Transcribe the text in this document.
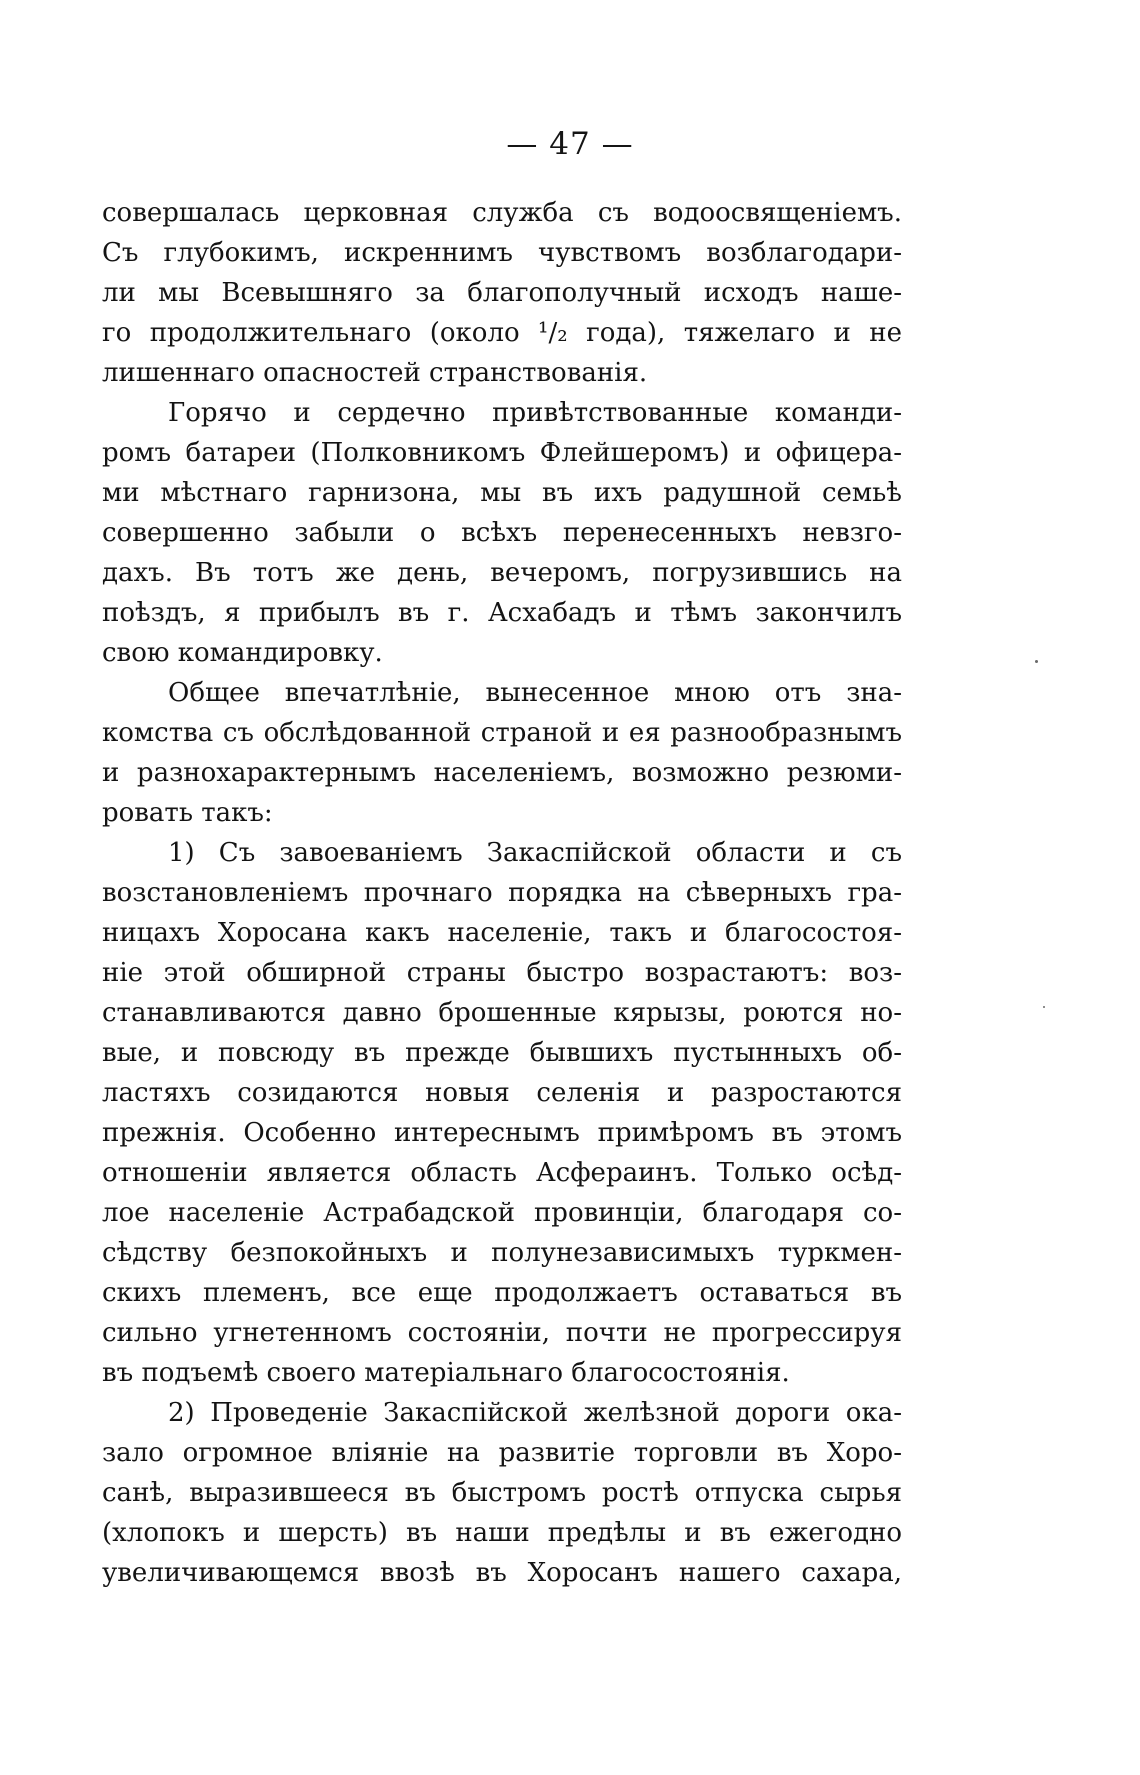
— 47 —
совершалась церковная служба съ водоосвященіемъ.
Съ глубокимъ, искреннимъ чувствомъ возблагодари-
ли мы Всевышняго за благополучный исходъ наше-
го продолжительнаго (около ¹/₂ года), тяжелаго и не
лишеннаго опасностей странствованія.
Горячо и сердечно привѣтствованные команди-
ромъ батареи (Полковникомъ Флейшеромъ) и офицера-
ми мѣстнаго гарнизона, мы въ ихъ радушной семьѣ
совершенно забыли о всѣхъ перенесенныхъ невзго-
дахъ. Въ тотъ же день, вечеромъ, погрузившись на
поѣздъ, я прибылъ въ г. Асхабадъ и тѣмъ закончилъ
свою командировку.
Общее впечатлѣніе, вынесенное мною отъ зна-
комства съ обслѣдованной страной и ея разнообразнымъ
и разнохарактернымъ населеніемъ, возможно резюми-
ровать такъ:
1) Съ завоеваніемъ Закаспійской области и съ
возстановленіемъ прочнаго порядка на сѣверныхъ гра-
ницахъ Хоросана какъ населеніе, такъ и благосостоя-
ніе этой обширной страны быстро возрастаютъ: воз-
станавливаются давно брошенные кярызы, роются но-
вые, и повсюду въ прежде бывшихъ пустынныхъ об-
ластяхъ созидаются новыя селенія и разростаются
прежнія. Особенно интереснымъ примѣромъ въ этомъ
отношеніи является область Асфераинъ. Только осѣд-
лое населеніе Астрабадской провинціи, благодаря со-
сѣдству безпокойныхъ и полунезависимыхъ туркмен-
скихъ племенъ, все еще продолжаетъ оставаться въ
сильно угнетенномъ состояніи, почти не прогрессируя
въ подъемѣ своего матеріальнаго благосостоянія.
2) Проведеніе Закаспійской желѣзной дороги ока-
зало огромное вліяніе на развитіе торговли въ Хоро-
санѣ, выразившееся въ быстромъ ростѣ отпуска сырья
(хлопокъ и шерсть) въ наши предѣлы и въ ежегодно
увеличивающемся ввозѣ въ Хоросанъ нашего сахара,
